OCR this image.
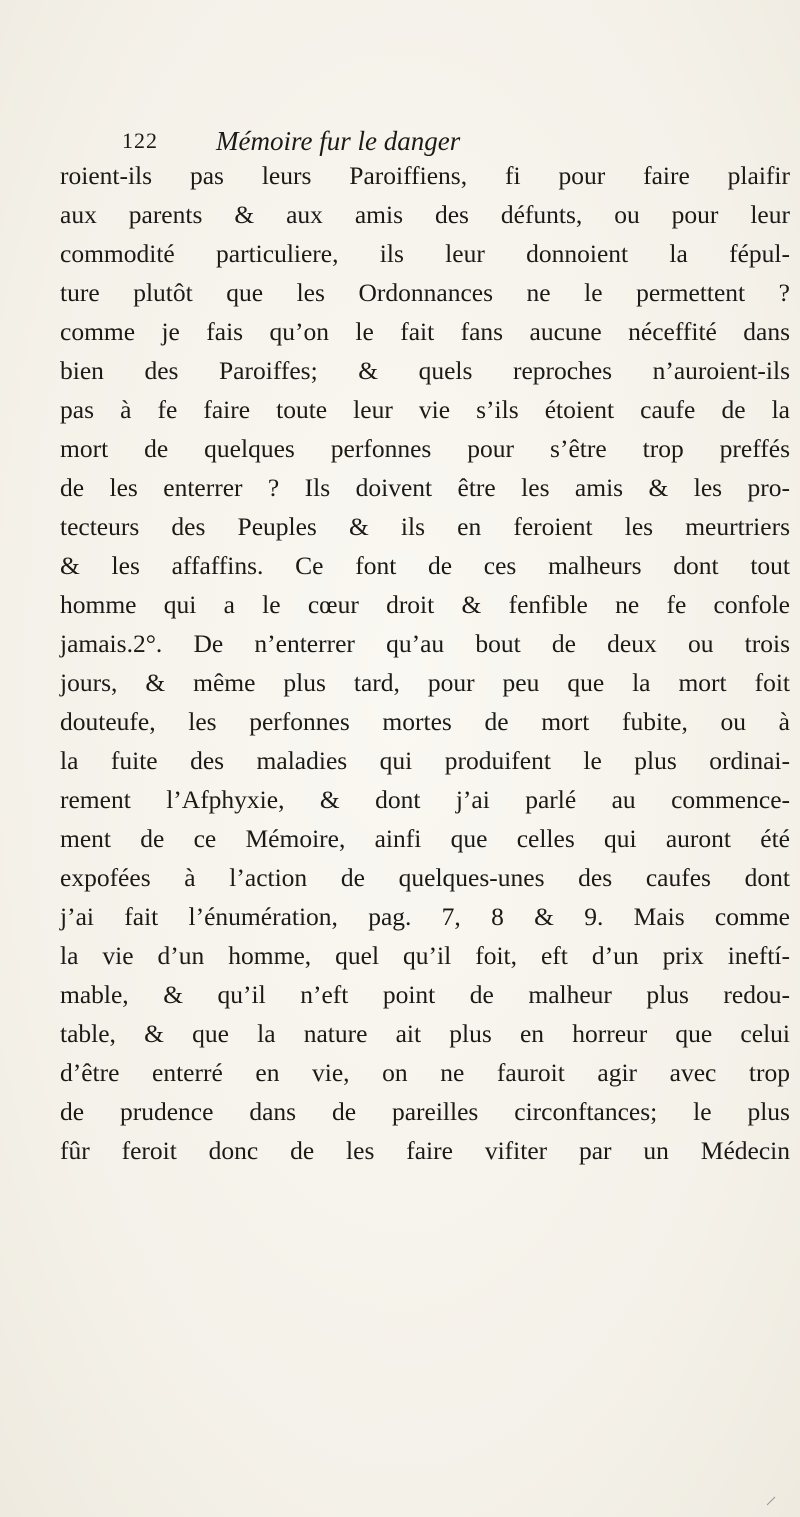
122 Mémoire fur le danger
roient-ils pas leurs Paroiffiens, fi pour faire plaifir
aux parents & aux amis des défunts, ou pour leur
commodité particuliere, ils leur donnoient la fépul-
ture plutôt que les Ordonnances ne le permettent ?
comme je fais qu’on le fait fans aucune néceffité dans
bien des Paroiffes; & quels reproches n’auroient-ils
pas à fe faire toute leur vie s’ils étoient caufe de la
mort de quelques perfonnes pour s’être trop preffés
de les enterrer ? Ils doivent être les amis & les pro-
tecteurs des Peuples & ils en feroient les meurtriers
& les affaffins. Ce font de ces malheurs dont tout
homme qui a le cœur droit & fenfible ne fe confole
jamais.2°. De n’enterrer qu’au bout de deux ou trois
jours, & même plus tard, pour peu que la mort foit
douteufe, les perfonnes mortes de mort fubite, ou à
la fuite des maladies qui produifent le plus ordinai-
rement l’Afphyxie, & dont j’ai parlé au commence-
ment de ce Mémoire, ainfi que celles qui auront été
expofées à l’action de quelques-unes des caufes dont
j’ai fait l’énumération, pag. 7, 8 & 9. Mais comme
la vie d’un homme, quel qu’il foit, eft d’un prix ineftí-
mable, & qu’il n’eft point de malheur plus redou-
table, & que la nature ait plus en horreur que celui
d’être enterré en vie, on ne fauroit agir avec trop
de prudence dans de pareilles circonftances; le plus
fûr feroit donc de les faire vifiter par un Médecin
